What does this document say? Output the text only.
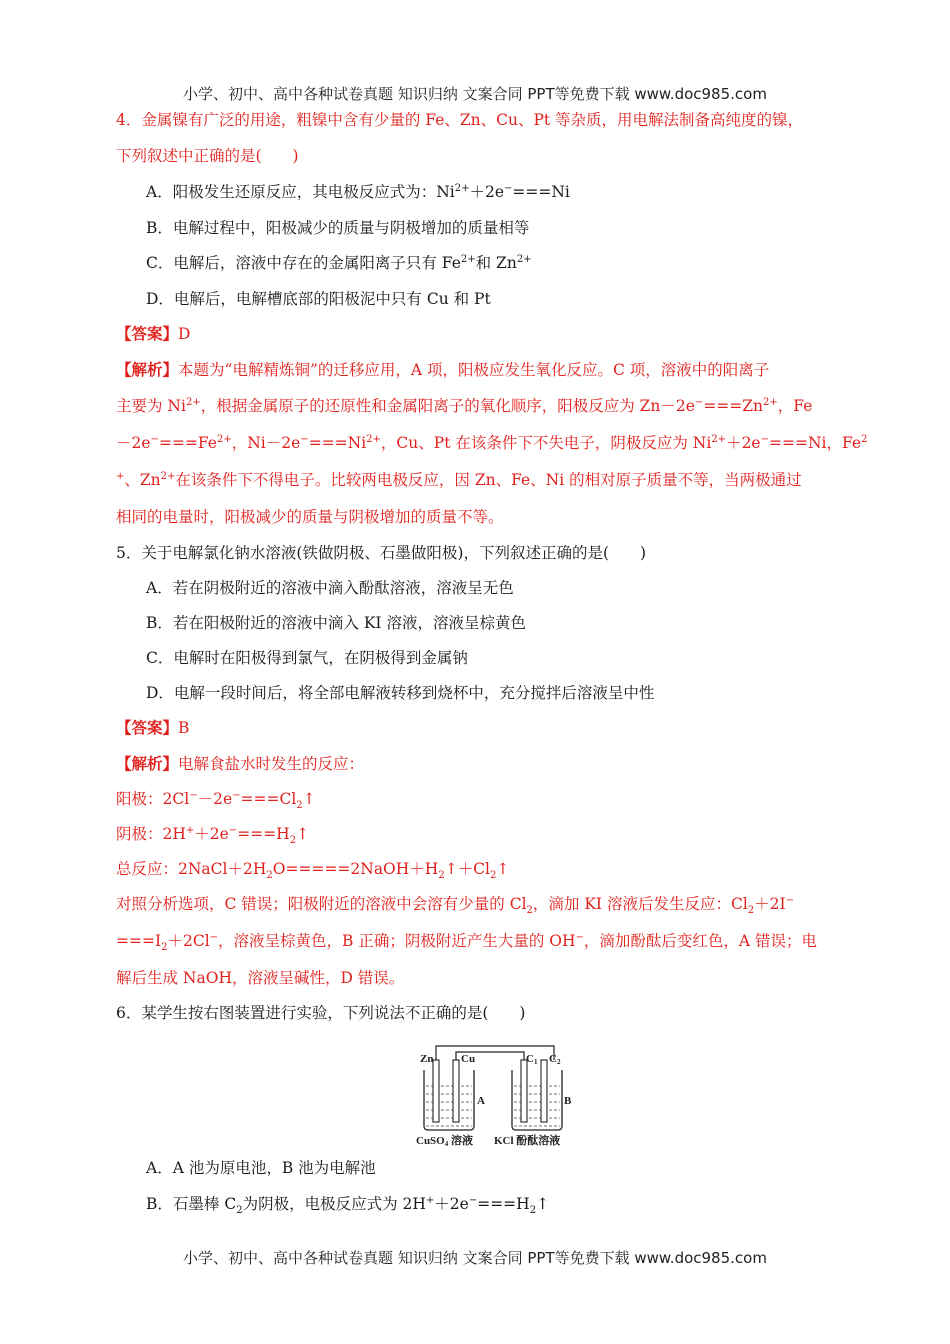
小学、初中、高中各种试卷真题 知识归纳 文案合同 PPT等免费下载 www.doc985.com
4．金属镍有广泛的用途，粗镍中含有少量的 Fe、Zn、Cu、Pt 等杂质，用电解法制备高纯度的镍，
下列叙述中正确的是(　　)
A．阳极发生还原反应，其电极反应式为：$Ni^{2+}+2e^-===Ni$
B．电解过程中，阳极减少的质量与阴极增加的质量相等
C．电解后，溶液中存在的金属阳离子只有 $Fe^{2+}$和 $Zn^{2+}$
D．电解后，电解槽底部的阳极泥中只有 Cu 和 Pt
【答案】D
【解析】本题为“电解精炼铜”的迁移应用，A 项，阳极应发生氧化反应。C 项，溶液中的阳离子
主要为 $Ni^{2+}$，根据金属原子的还原性和金属阳离子的氧化顺序，阳极反应为 $Zn-2e^-===Zn^{2+}$，Fe
$-2e^-===Fe^{2+}$，$Ni-2e^-===Ni^{2+}$，Cu、Pt 在该条件下不失电子，阴极反应为 $Ni^{2+}+2e^-===Ni$，Fe$^2$
+、$Zn^{2+}$在该条件下不得电子。比较两电极反应，因 Zn、Fe、Ni 的相对原子质量不等，当两极通过
相同的电量时，阳极减少的质量与阴极增加的质量不等。
5．关于电解氯化钠水溶液(铁做阴极、石墨做阳极)，下列叙述正确的是(　　)
A．若在阴极附近的溶液中滴入酚酞溶液，溶液呈无色
B．若在阳极附近的溶液中滴入 KI 溶液，溶液呈棕黄色
C．电解时在阳极得到氯气，在阴极得到金属钠
D．电解一段时间后，将全部电解液转移到烧杯中，充分搅拌后溶液呈中性
【答案】B
【解析】电解食盐水时发生的反应：
阳极：$2Cl^--2e^-===Cl_2↑$
阴极：$2H^++2e^-===H_2↑$
总反应：$2NaCl+2H_2O=====2NaOH+H_2↑+Cl_2↑$
对照分析选项，C 错误；阳极附近的溶液中会溶有少量的 $Cl_2$，滴加 KI 溶液后发生反应：$Cl_2+2I^-$
$===I_2+2Cl^-$，溶液呈棕黄色，B 正确；阴极附近产生大量的 OH−，滴加酚酞后变红色，A 错误；电
解后生成 NaOH，溶液呈碱性，D 错误。
6．某学生按右图装置进行实验，下列说法不正确的是(　　)
Zn	Cu	C1 C2
A	B
CuSO4 溶液 KCl 酚酞溶液
A．A 池为原电池，B 池为电解池
B．石墨棒 $C_2$为阴极，电极反应式为 $2H^++2e^-===H_2↑$
小学、初中、高中各种试卷真题 知识归纳 文案合同 PPT等免费下载 www.doc985.com
